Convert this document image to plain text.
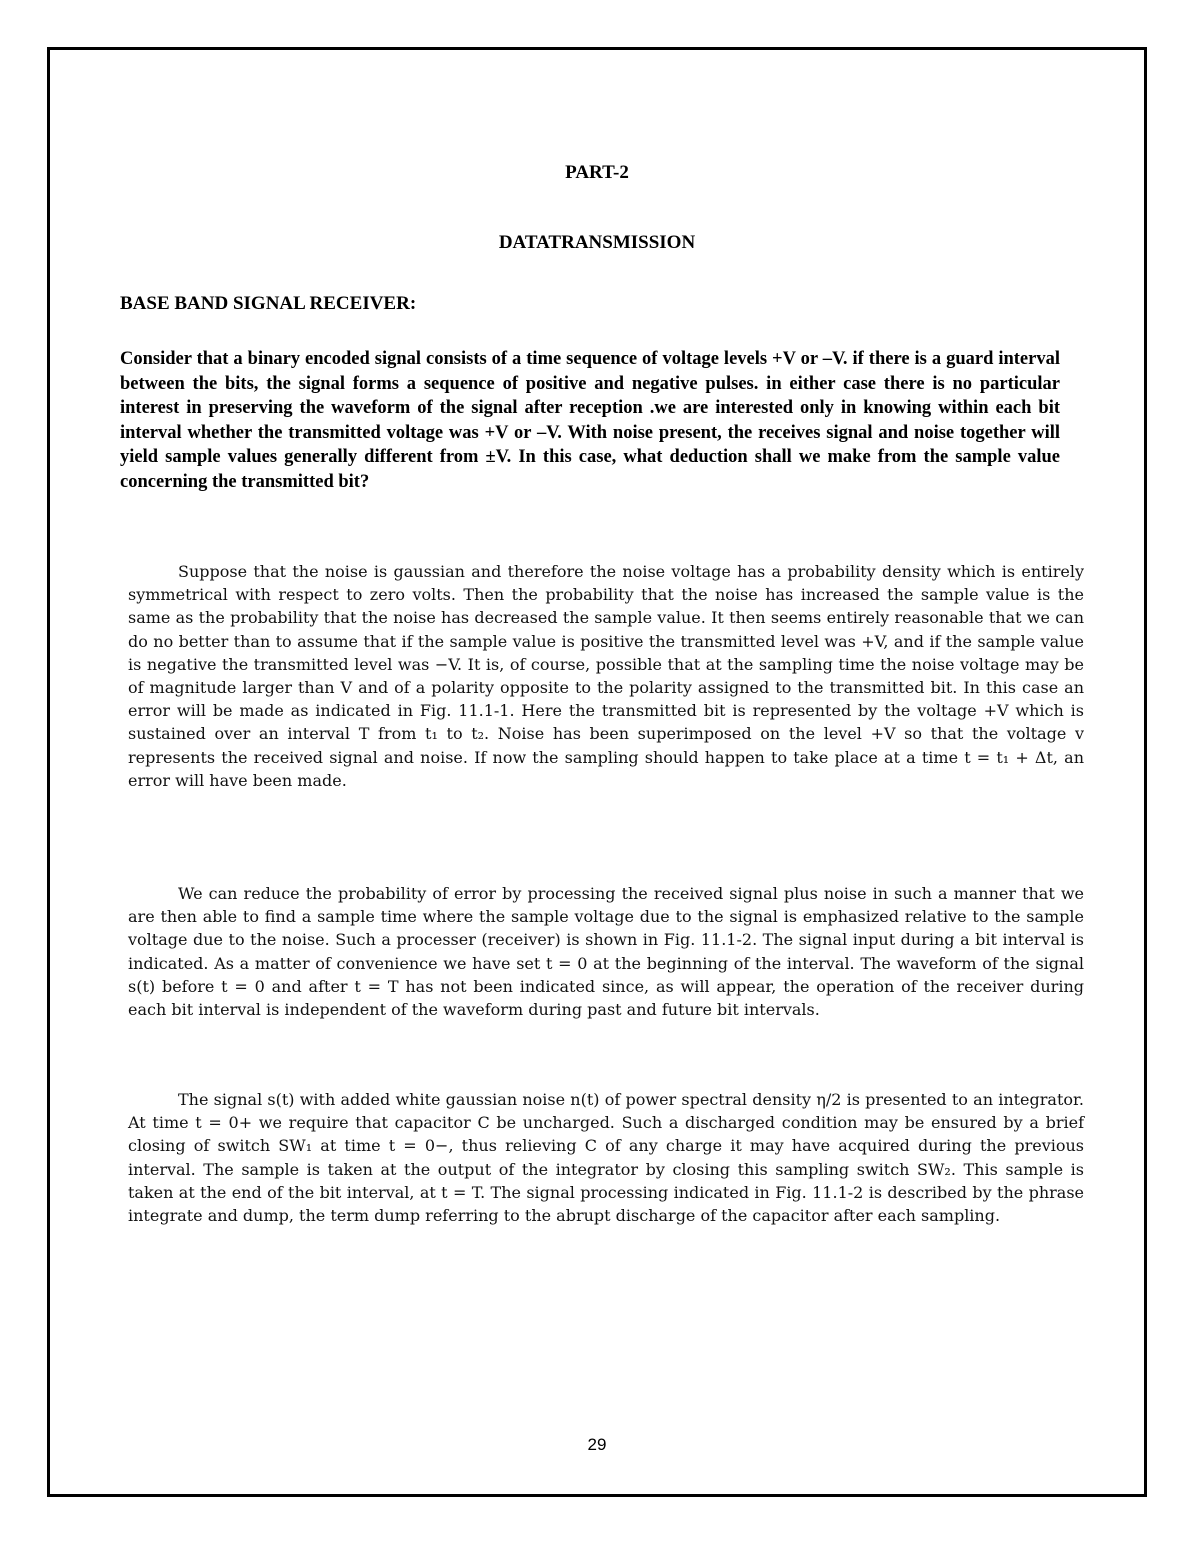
PART-2

DATATRANSMISSION

BASE BAND SIGNAL RECEIVER:

Consider that a binary encoded signal consists of a time sequence of voltage levels +V or –V. if there is a guard interval between the bits, the signal forms a sequence of positive and negative pulses. in either case there is no particular interest in preserving the waveform of the signal after reception .we are interested only in knowing within each bit interval whether the transmitted voltage was +V or –V. With noise present, the receives signal and noise together will yield sample values generally different from ±V. In this case, what deduction shall we make from the sample value concerning the transmitted bit?

Suppose that the noise is gaussian and therefore the noise voltage has a probability density which is entirely symmetrical with respect to zero volts. Then the probability that the noise has increased the sample value is the same as the probability that the noise has decreased the sample value. It then seems entirely reasonable that we can do no better than to assume that if the sample value is positive the transmitted level was +V, and if the sample value is negative the transmitted level was −V. It is, of course, possible that at the sampling time the noise voltage may be of magnitude larger than V and of a polarity opposite to the polarity assigned to the transmitted bit. In this case an error will be made as indicated in Fig. 11.1-1. Here the transmitted bit is represented by the voltage +V which is sustained over an interval T from t₁ to t₂. Noise has been superimposed on the level +V so that the voltage v represents the received signal and noise. If now the sampling should happen to take place at a time t = t₁ + Δt, an error will have been made.

We can reduce the probability of error by processing the received signal plus noise in such a manner that we are then able to find a sample time where the sample voltage due to the signal is emphasized relative to the sample voltage due to the noise. Such a processer (receiver) is shown in Fig. 11.1-2. The signal input during a bit interval is indicated. As a matter of convenience we have set t = 0 at the beginning of the interval. The waveform of the signal s(t) before t = 0 and after t = T has not been indicated since, as will appear, the operation of the receiver during each bit interval is independent of the waveform during past and future bit intervals.

The signal s(t) with added white gaussian noise n(t) of power spectral density η/2 is presented to an integrator. At time t = 0+ we require that capacitor C be uncharged. Such a discharged condition may be ensured by a brief closing of switch SW₁ at time t = 0−, thus relieving C of any charge it may have acquired during the previous interval. The sample is taken at the output of the integrator by closing this sampling switch SW₂. This sample is taken at the end of the bit interval, at t = T. The signal processing indicated in Fig. 11.1-2 is described by the phrase integrate and dump, the term dump referring to the abrupt discharge of the capacitor after each sampling.

29
